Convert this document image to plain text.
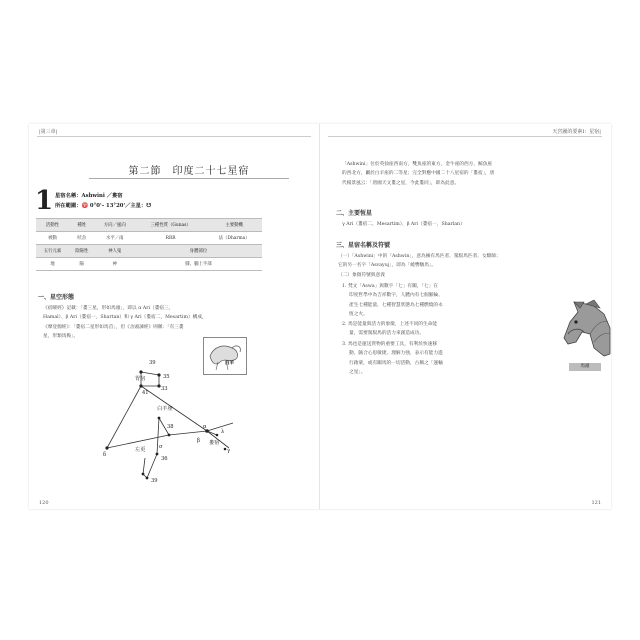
|第三章|
第二節　印度二十七星宿
1 星宿名稱：Ashwini ／婁宿
所在範圍：♈ 0°0'– 13°20'／主星：☋
活動性	種姓	方向／風向	三種性質（Gunas）	主要動機
被動	吠舍	水平／南	RRR	法（Dharma）
五行元素	陰陽性	神人鬼	身體部位	
地	陽	神	膝、腳上半部	
一、星空形態
《宿曜經》記載：「婁三星，形如馬頭」，即以 α Ari（婁宿三，
Hamal）、β Ari（婁宿一，Shartan）和 γ Ari（婁宿二，Mesartim）構成，
《摩登伽經》：「婁宿二星形如馬首」，但《舍頭諫經》則稱：「有三婁
星，形類馬鞍」。
白羊
39
35
33
41
38
36
39
胃宿
白羊座
婁宿
左更
δ
λ
α
β
γ
σ
120
天宮圖的要素Ⅰ：星宿|
「Ashwini」位於英仙座西南方，雙魚座的東方，金牛座的西方，鯨魚座
的西北方，屬於白羊座的二等星；完全對應中國二十八星宿的「婁宿」，唐
代楊景風云：「唐國天文婁之星，今此婁同」，即為此意。
二、主要恆星
γ Ari（婁宿二，Mesartim）、β Ari（婁宿一，Sharlan）
三、星宿名稱及符號
（一）「Ashwini」中的「Ashwin」，意為擁有馬匹者、駕馭馬匹者、女騎師；
它的另一名字「Asvayuj」，即為「繞轡駿馬」。
（二）象徵符號與意義
1. 梵文「Aswa」與數字「七」有關，「七」在
印度哲學中為吉祥數字，人體內有七個脈輪、
產生七種能量，七種智慧狀態為七種燃燒的永
恆之火。
2. 馬是能量與活力的象徵，上述不同的生命能
量，需要駕馭馬的活力來創造成功。
3. 馬也是運送貨物的重要工具，有利於快速移
動，隨合心思敏捷、理解力強，表示有能力進
行啟蒙，或有關馬的一切活動，古稱之「運輸
之星」。
馬頭
121
